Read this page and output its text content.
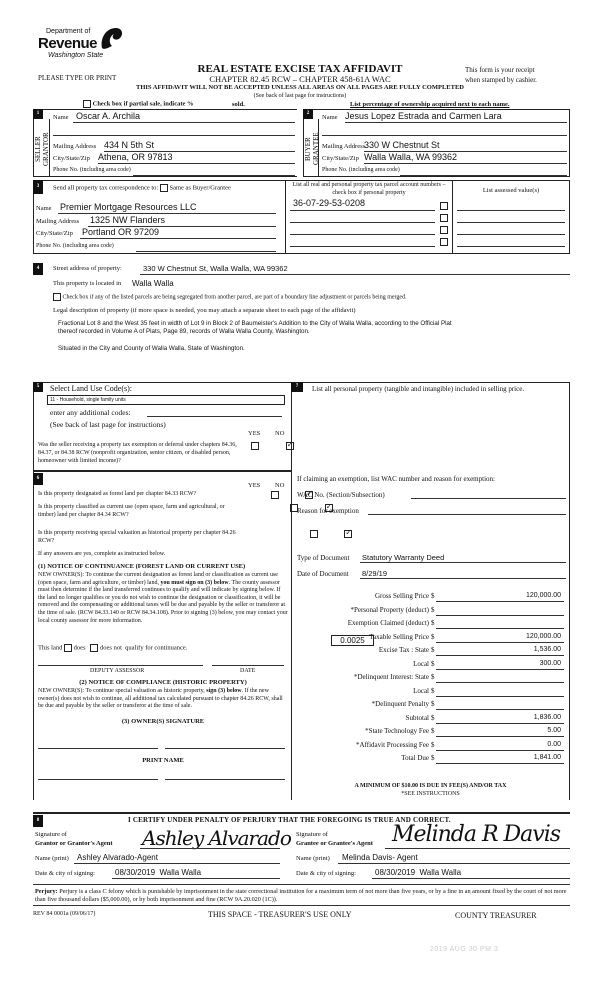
Department of
Revenue
Washington State
REAL ESTATE EXCISE TAX AFFIDAVIT
CHAPTER 82.45 RCW – CHAPTER 458-61A WAC
PLEASE TYPE OR PRINT
This form is your receipt
when stamped by cashier.
THIS AFFIDAVIT WILL NOT BE ACCEPTED UNLESS ALL AREAS ON ALL PAGES ARE FULLY COMPLETED
(See back of last page for instructions)
Check box if partial sale, indicate %	sold.	List percentage of ownership acquired next to each name.
1
SELLER
GRANTOR
Name Oscar A. Archila
Mailing Address 434 N 5th St
City/State/Zip Athena, OR 97813
Phone No. (including area code)
2
BUYER
GRANTEE
Name Jesus Lopez Estrada and Carmen Lara
Mailing Address
330 W Chestnut St
City/State/Zip Walla Walla, WA 99362
Phone No. (including area code)
3	Send all property tax correspondence to: Same as Buyer/Grantee
Name Premier Mortgage Resources LLC
Mailing Address 1325 NW Flanders
City/State/Zip Portland OR 97209
Phone No. (including area code)
List all real and personal property tax parcel account numbers – check box if personal property	List assessed value(s)
36-07-29-53-0208
4	Street address of property:	330 W Chestnut St, Walla Walla, WA 99362
This property is located in Walla Walla
Check box if any of the listed parcels are being segregated from another parcel, are part of a boundary line adjustment or parcels being merged.
Legal description of property (if more space is needed, you may attach a separate sheet to each page of the affidavit)
Fractional Lot 8 and the West 35 feet in width of Lot 9 in Block 2 of Baumeister's Addition to the City of Walla Walla, according to the Official Plat thereof recorded in Volume A of Plats, Page 89, records of Walla Walla County, Washington.
Situated in the City and County of Walla Walla, State of Washington.
5	Select Land Use Code(s):
11 - Household, single family units
enter any additional codes:
(See back of last page for instructions)
YES NO
Was the seller receiving a property tax exemption or deferral under chapters 84.36, 84.37, or 84.38 RCW (nonprofit organization, senior citizen, or disabled person, homeowner with limited income)?
✓
6
YES NO
Is this property designated as forest land per chapter 84.33 RCW?
✓
Is this property classified as current use (open space, farm and agricultural, or timber) land per chapter 84.34 RCW?
✓
Is this property receiving special valuation as historical property per chapter 84.26 RCW?
✓
If any answers are yes, complete as instructed below.
(1) NOTICE OF CONTINUANCE (FOREST LAND OR CURRENT USE)
NEW OWNER(S): To continue the current designation as forest land or classification as current use (open space, farm and agriculture, or timber) land, you must sign on (3) below. The county assessor must then determine if the land transferred continues to qualify and will indicate by signing below. If the land no longer qualifies or you do not wish to continue the designation or classification, it will be removed and the compensating or additional taxes will be due and payable by the seller or transferor at the time of sale. (RCW 84.33.140 or RCW 84.34.108). Prior to signing (3) below, you may contact your local county assessor for more information.
This land does does not qualify for continuance.
DEPUTY ASSESSOR	DATE
(2) NOTICE OF COMPLIANCE (HISTORIC PROPERTY)
NEW OWNER(S): To continue special valuation as historic property, sign (3) below. If the new owner(s) does not wish to continue, all additional tax calculated pursuant to chapter 84.26 RCW, shall be due and payable by the seller or transferor at the time of sale.
(3) OWNER(S) SIGNATURE
PRINT NAME
7	List all personal property (tangible and intangible) included in selling price.
If claiming an exemption, list WAC number and reason for exemption:
WAC No. (Section/Subsection)
Reason for exemption
Type of Document Statutory Warranty Deed
Date of Document 8/29/19
0.0025
Gross Selling Price $	120,000.00
*Personal Property (deduct) $
Exemption Claimed (deduct) $
Taxable Selling Price $	120,000.00
Excise Tax : State $	1,536.00
Local $	300.00
*Delinquent Interest: State $
Local $
*Delinquent Penalty $
Subtotal $	1,836.00
*State Technology Fee $	5.00
*Affidavit Processing Fee $	0.00
Total Due $	1,841.00
A MINIMUM OF $10.00 IS DUE IN FEE(S) AND/OR TAX
*SEE INSTRUCTIONS
8	I CERTIFY UNDER PENALTY OF PERJURY THAT THE FOREGOING IS TRUE AND CORRECT.
Signature of
Grantor or Grantor's Agent Ashley Alvarado
Name (print) Ashley Alvarado-Agent
Date & city of signing:	08/30/2019  Walla Walla
Signature of
Grantee or Grantee's Agent Melinda R Davis
Name (print) Melinda Davis- Agent
Date & city of signing: 08/30/2019  Walla Walla
Perjury: Perjury is a class C felony which is punishable by imprisonment in the state correctional institution for a maximum term of not more than five years, or by a fine in an amount fixed by the court of not more than five thousand dollars ($5,000.00), or by both imprisonment and fine (RCW 9A.20.020 (1C)).
REV 84 0001a (09/06/17)	THIS SPACE - TREASURER'S USE ONLY	COUNTY TREASURER
2019 AUG 30 PM 3
